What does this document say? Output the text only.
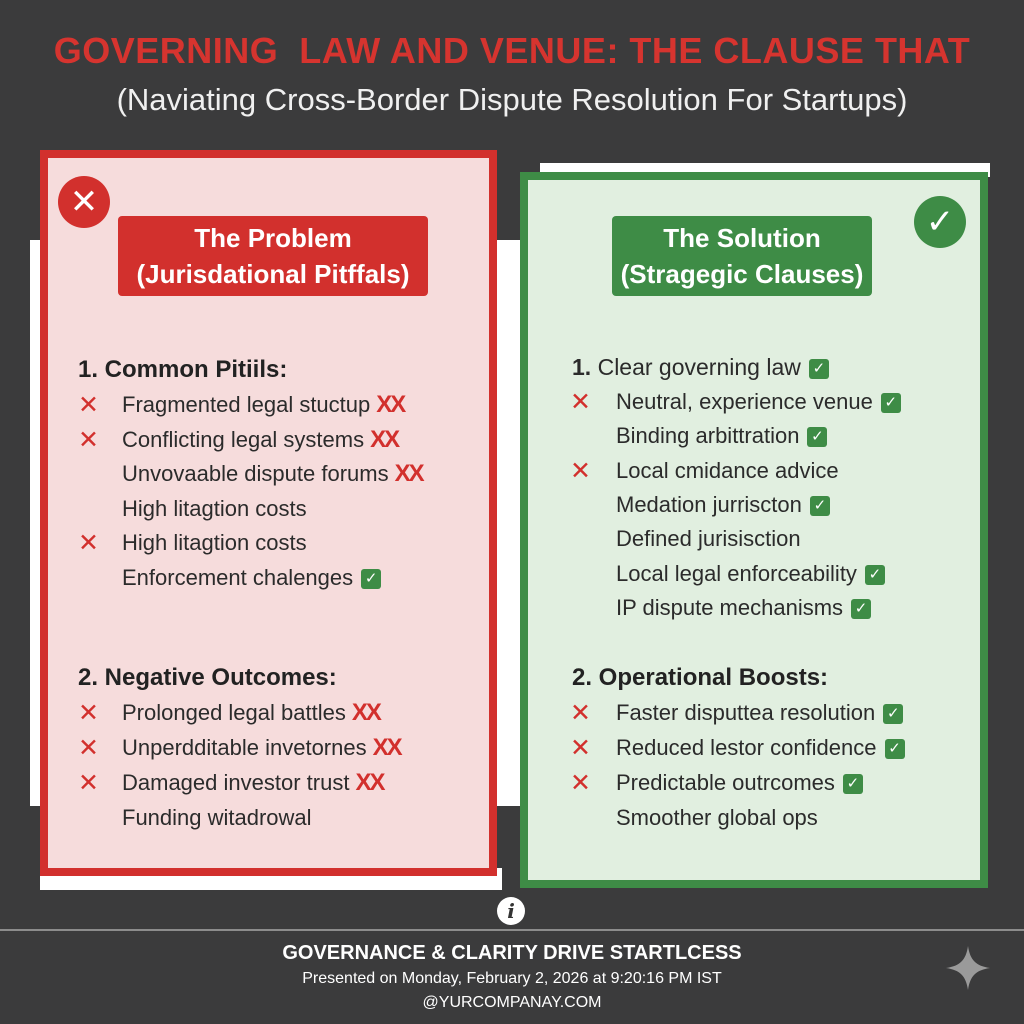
GOVERNING  LAW AND VENUE: THE CLAUSE THAT
(Naviating Cross-Border Dispute Resolution For Startups)
✕
The Problem
(Jurisdational Pitffals)
1. Common Pitiils:
✕ Fragmented legal stuctup XX
✕ Conflicting legal systems XX
Unvovaable dispute forums XX
High litagtion costs
✕ High litagtion costs
Enforcement chalenges ✓
2. Negative Outcomes:
✕ Prolonged legal battles XX
✕ Unperdditable invetornes XX
✕ Damaged investor trust XX
Funding witadrowal
✓
The Solution
(Stragegic Clauses)
1. Clear governing law ✓
✕ Neutral, experience venue ✓
Binding arbittration ✓
✕ Local cmidance advice
Medation jurriscton ✓
Defined jurisisction
Local legal enforceability ✓
IP dispute mechanisms ✓
2. Operational Boosts:
✕ Faster disputtea resolution ✓
✕ Reduced lestor confidence ✓
✕ Predictable outrcomes ✓
Smoother global ops
i
GOVERNANCE & CLARITY DRIVE STARTLCESS
Presented on Monday, February 2, 2026 at 9:20:16 PM IST
@YURCOMPANAY.COM
